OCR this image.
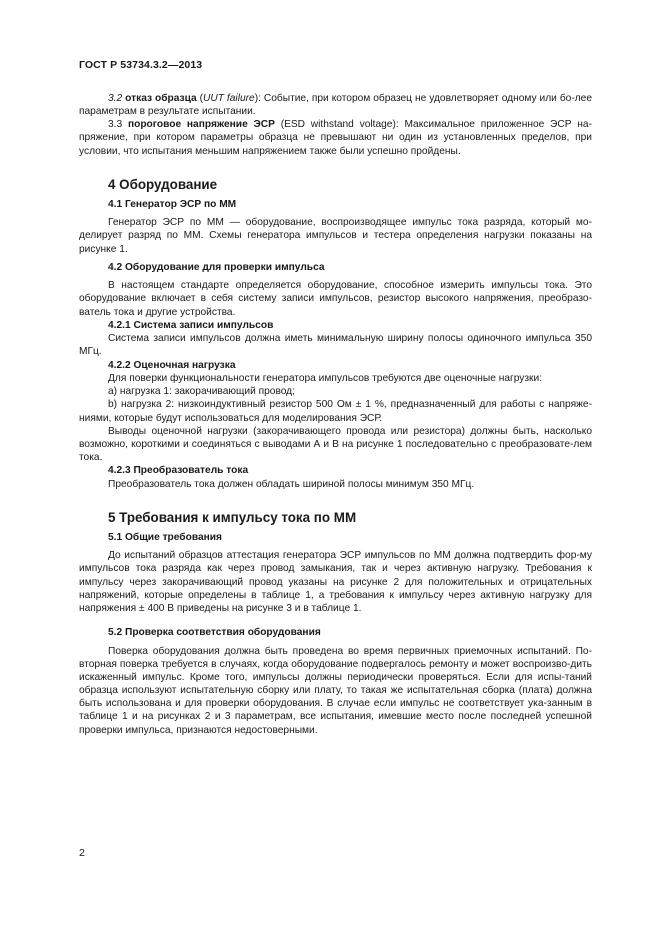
ГОСТ Р 53734.3.2—2013

3.2 отказ образца (UUT failure): Событие, при котором образец не удовлетворяет одному или бо-лее параметрам в результате испытании.

3.3 пороговое напряжение ЭСР (ESD withstand voltage): Максимальное приложенное ЭСР на-пряжение, при котором параметры образца не превышают ни один из установленных пределов, при условии, что испытания меньшим напряжением также были успешно пройдены.

4 Оборудование
4.1 Генератор ЭСР по ММ

Генератор ЭСР по ММ — оборудование, воспроизводящее импульс тока разряда, который мо-делирует разряд по ММ. Схемы генератора импульсов и тестера определения нагрузки показаны на рисунке 1.

4.2 Оборудование для проверки импульса

В настоящем стандарте определяется оборудование, способное измерить импульсы тока. Это оборудование включает в себя систему записи импульсов, резистор высокого напряжения, преобразо-ватель тока и другие устройства.

4.2.1 Система записи импульсов

Система записи импульсов должна иметь минимальную ширину полосы одиночного импульса 350 МГц.

4.2.2 Оценочная нагрузка

Для поверки функциональности генератора импульсов требуются две оценочные нагрузки:

а) нагрузка 1: закорачивающий провод;

b) нагрузка 2: низкоиндуктивный резистор 500 Ом ± 1 %, предназначенный для работы с напряже-ниями, которые будут использоваться для моделирования ЭСР.

Выводы оценочной нагрузки (закорачивающего провода или резистора) должны быть, насколько возможно, короткими и соединяться с выводами А и В на рисунке 1 последовательно с преобразовате-лем тока.

4.2.3 Преобразователь тока

Преобразователь тока должен обладать шириной полосы минимум 350 МГц.

5 Требования к импульсу тока по ММ
5.1 Общие требования

До испытаний образцов аттестация генератора ЭСР импульсов по ММ должна подтвердить фор-му импульсов тока разряда как через провод замыкания, так и через активную нагрузку. Требования к импульсу через закорачивающий провод указаны на рисунке 2 для положительных и отрицательных напряжений, которые определены в таблице 1, а требования к импульсу через активную нагрузку для напряжения ± 400 В приведены на рисунке 3 и в таблице 1.

5.2 Проверка соответствия оборудования

Поверка оборудования должна быть проведена во время первичных приемочных испытаний. По-вторная поверка требуется в случаях, когда оборудование подвергалось ремонту и может воспроизво-дить искаженный импульс. Кроме того, импульсы должны периодически проверяться. Если для испы-таний образца используют испытательную сборку или плату, то такая же испытательная сборка (плата) должна быть использована и для проверки оборудования. В случае если импульс не соответствует ука-занным в таблице 1 и на рисунках 2 и 3 параметрам, все испытания, имевшие место после последней успешной проверки импульса, признаются недостоверными.

2
